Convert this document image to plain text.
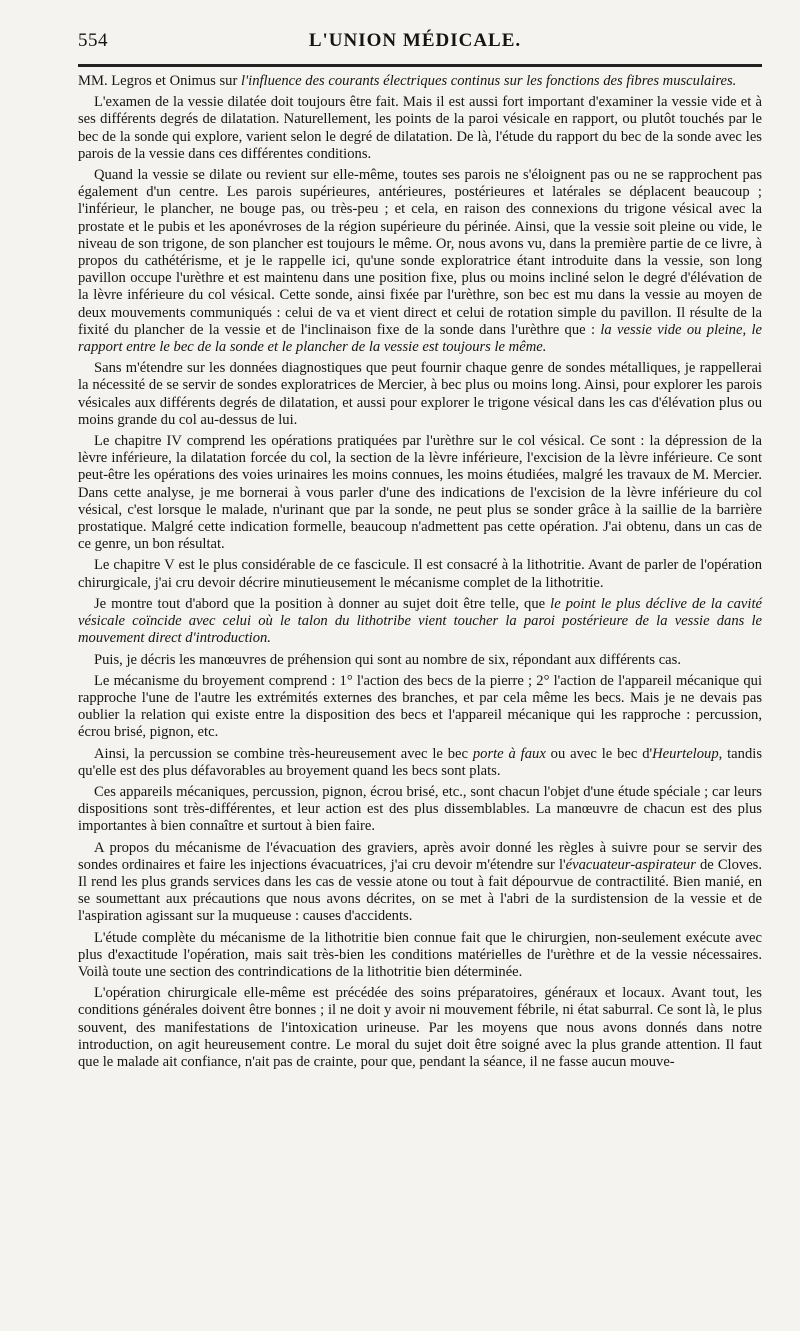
554	L'UNION MÉDICALE.

MM. Legros et Onimus sur l'influence des courants électriques continus sur les fonctions des fibres musculaires.

L'examen de la vessie dilatée doit toujours être fait. Mais il est aussi fort important d'examiner la vessie vide et à ses différents degrés de dilatation. Naturellement, les points de la paroi vésicale en rapport, ou plutôt touchés par le bec de la sonde qui explore, varient selon le degré de dilatation. De là, l'étude du rapport du bec de la sonde avec les parois de la vessie dans ces différentes conditions.

Quand la vessie se dilate ou revient sur elle-même, toutes ses parois ne s'éloignent pas ou ne se rapprochent pas également d'un centre. Les parois supérieures, antérieures, postérieures et latérales se déplacent beaucoup ; l'inférieur, le plancher, ne bouge pas, ou très-peu ; et cela, en raison des connexions du trigone vésical avec la prostate et le pubis et les aponévroses de la région supérieure du périnée. Ainsi, que la vessie soit pleine ou vide, le niveau de son trigone, de son plancher est toujours le même. Or, nous avons vu, dans la première partie de ce livre, à propos du cathétérisme, et je le rappelle ici, qu'une sonde exploratrice étant introduite dans la vessie, son long pavillon occupe l'urèthre et est maintenu dans une position fixe, plus ou moins incliné selon le degré d'élévation de la lèvre inférieure du col vésical. Cette sonde, ainsi fixée par l'urèthre, son bec est mu dans la vessie au moyen de deux mouvements communiqués : celui de va et vient direct et celui de rotation simple du pavillon. Il résulte de la fixité du plancher de la vessie et de l'inclinaison fixe de la sonde dans l'urèthre que : la vessie vide ou pleine, le rapport entre le bec de la sonde et le plancher de la vessie est toujours le même.

Sans m'étendre sur les données diagnostiques que peut fournir chaque genre de sondes métalliques, je rappellerai la nécessité de se servir de sondes exploratrices de Mercier, à bec plus ou moins long. Ainsi, pour explorer les parois vésicales aux différents degrés de dilatation, et aussi pour explorer le trigone vésical dans les cas d'élévation plus ou moins grande du col au-dessus de lui.

Le chapitre IV comprend les opérations pratiquées par l'urèthre sur le col vésical. Ce sont : la dépression de la lèvre inférieure, la dilatation forcée du col, la section de la lèvre inférieure, l'excision de la lèvre inférieure. Ce sont peut-être les opérations des voies urinaires les moins connues, les moins étudiées, malgré les travaux de M. Mercier. Dans cette analyse, je me bornerai à vous parler d'une des indications de l'excision de la lèvre inférieure du col vésical, c'est lorsque le malade, n'urinant que par la sonde, ne peut plus se sonder grâce à la saillie de la barrière prostatique. Malgré cette indication formelle, beaucoup n'admettent pas cette opération. J'ai obtenu, dans un cas de ce genre, un bon résultat.

Le chapitre V est le plus considérable de ce fascicule. Il est consacré à la lithotritie. Avant de parler de l'opération chirurgicale, j'ai cru devoir décrire minutieusement le mécanisme complet de la lithotritie.

Je montre tout d'abord que la position à donner au sujet doit être telle, que le point le plus déclive de la cavité vésicale coïncide avec celui où le talon du lithotribe vient toucher la paroi postérieure de la vessie dans le mouvement direct d'introduction.

Puis, je décris les manœuvres de préhension qui sont au nombre de six, répondant aux différents cas.

Le mécanisme du broyement comprend : 1° l'action des becs de la pierre ; 2° l'action de l'appareil mécanique qui rapproche l'une de l'autre les extrémités externes des branches, et par cela même les becs. Mais je ne devais pas oublier la relation qui existe entre la disposition des becs et l'appareil mécanique qui les rapproche : percussion, écrou brisé, pignon, etc.

Ainsi, la percussion se combine très-heureusement avec le bec porte à faux ou avec le bec d'Heurteloup, tandis qu'elle est des plus défavorables au broyement quand les becs sont plats.

Ces appareils mécaniques, percussion, pignon, écrou brisé, etc., sont chacun l'objet d'une étude spéciale ; car leurs dispositions sont très-différentes, et leur action est des plus dissemblables. La manœuvre de chacun est des plus importantes à bien connaître et surtout à bien faire.

A propos du mécanisme de l'évacuation des graviers, après avoir donné les règles à suivre pour se servir des sondes ordinaires et faire les injections évacuatrices, j'ai cru devoir m'étendre sur l'évacuateur-aspirateur de Cloves. Il rend les plus grands services dans les cas de vessie atone ou tout à fait dépourvue de contractilité. Bien manié, en se soumettant aux précautions que nous avons décrites, on se met à l'abri de la surdistension de la vessie et de l'aspiration agissant sur la muqueuse : causes d'accidents.

L'étude complète du mécanisme de la lithotritie bien connue fait que le chirurgien, non-seulement exécute avec plus d'exactitude l'opération, mais sait très-bien les conditions matérielles de l'urèthre et de la vessie nécessaires. Voilà toute une section des contrindications de la lithotritie bien déterminée.

L'opération chirurgicale elle-même est précédée des soins préparatoires, généraux et locaux. Avant tout, les conditions générales doivent être bonnes ; il ne doit y avoir ni mouvement fébrile, ni état saburral. Ce sont là, le plus souvent, des manifestations de l'intoxication urineuse. Par les moyens que nous avons donnés dans notre introduction, on agit heureusement contre. Le moral du sujet doit être soigné avec la plus grande attention. Il faut que le malade ait confiance, n'ait pas de crainte, pour que, pendant la séance, il ne fasse aucun mouve-
